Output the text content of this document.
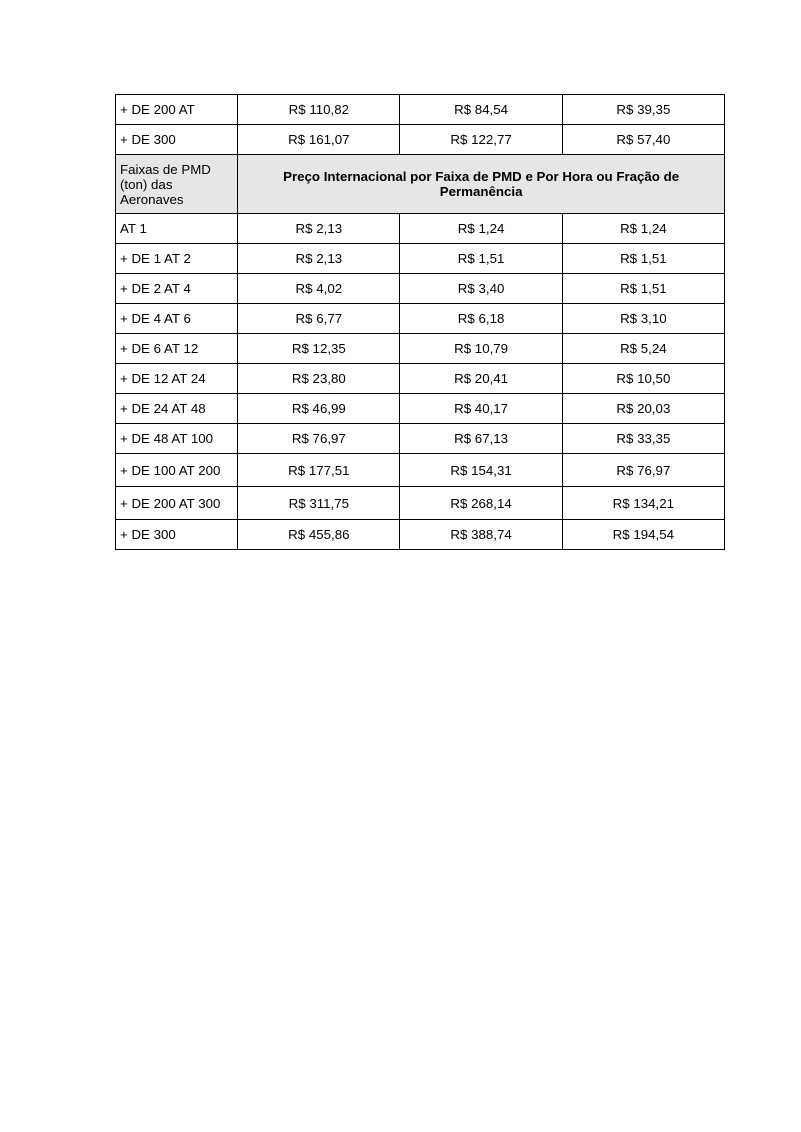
+ DE 200 AT	R$ 110,82	R$ 84,54	R$ 39,35
+ DE 300	R$ 161,07	R$ 122,77	R$ 57,40
Faixas de PMD (ton) das Aeronaves	Preço Internacional por Faixa de PMD e Por Hora ou Fração de Permanência		
AT 1	R$ 2,13	R$ 1,24	R$ 1,24
+ DE 1 AT 2	R$ 2,13	R$ 1,51	R$ 1,51
+ DE 2 AT 4	R$ 4,02	R$ 3,40	R$ 1,51
+ DE 4 AT 6	R$ 6,77	R$ 6,18	R$ 3,10
+ DE 6 AT 12	R$ 12,35	R$ 10,79	R$ 5,24
+ DE 12 AT 24	R$ 23,80	R$ 20,41	R$ 10,50
+ DE 24 AT 48	R$ 46,99	R$ 40,17	R$ 20,03
+ DE 48 AT 100	R$ 76,97	R$ 67,13	R$ 33,35
+ DE 100 AT 200	R$ 177,51	R$ 154,31	R$ 76,97
+ DE 200 AT 300	R$ 311,75	R$ 268,14	R$ 134,21
+ DE 300	R$ 455,86	R$ 388,74	R$ 194,54
